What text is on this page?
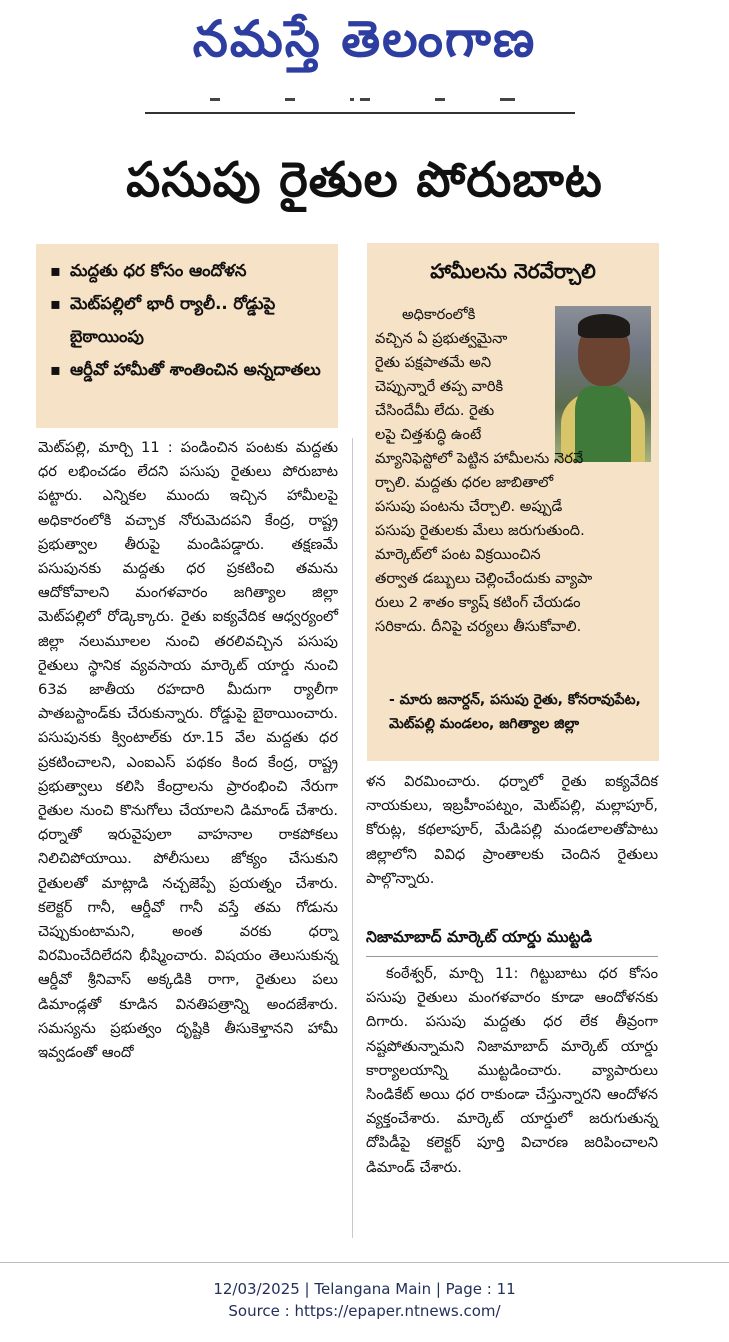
నమస్తే తెలంగాణ
పసుపు రైతుల పోరుబాట
▪ మద్దతు ధర కోసం ఆందోళన
▪ మెట్‌పల్లిలో భారీ ర్యాలీ.. రోడ్డుపై బైఠాయింపు
▪ ఆర్డీవో హామీతో శాంతించిన అన్నదాతలు
మెట్‌పల్లి, మార్చి 11 : పండించిన పంటకు మద్దతు ధర లభించడం లేదని పసుపు రైతులు పోరుబాట పట్టారు. ఎన్నికల ముందు ఇచ్చిన హామీలపై అధికారంలోకి వచ్చాక నోరుమెదపని కేంద్ర, రాష్ట్ర ప్రభుత్వాల తీరుపై మండిపడ్డారు. తక్షణమే పసుపునకు మద్దతు ధర ప్రకటించి తమను ఆదోకోవాలని మంగళవారం జగిత్యాల జిల్లా మెట్‌పల్లిలో రోడ్కెక్కారు. రైతు ఐక్యవేదిక ఆధ్వర్యంలో జిల్లా నలుమూలల నుంచి తరలివచ్చిన పసుపు రైతులు స్థానిక వ్యవసాయ మార్కెట్ యార్డు నుంచి 63వ జాతీయ రహదారి మీదుగా ర్యాలీగా పాతబస్టాండ్‌కు చేరుకున్నారు. రోడ్డుపై బైఠాయించారు. పసుపునకు క్వింటాల్‌కు రూ.15 వేల మద్దతు ధర ప్రకటించాలని, ఎంఐఎస్ పథకం కింద కేంద్ర, రాష్ట్ర ప్రభుత్వాలు కలిసి కేంద్రాలను ప్రారంభించి నేరుగా రైతుల నుంచి కొనుగోలు చేయాలని డిమాండ్ చేశారు. ధర్నాతో ఇరువైపులా వాహనాల రాకపోకలు నిలిచిపోయాయి. పోలీసులు జోక్యం చేసుకుని రైతులతో మాట్లాడి నచ్చజెప్పే ప్రయత్నం చేశారు. కలెక్టర్ గానీ, ఆర్డీవో గానీ వస్తే తమ గోడును చెప్పుకుంటామని, అంత వరకు ధర్నా విరమించేదిలేదని భీష్మించారు. విషయం తెలుసుకున్న ఆర్డీవో శ్రీనివాస్ అక్కడికి రాగా, రైతులు పలు డిమాండ్లతో కూడిన వినతిపత్రాన్ని అందజేశారు. సమస్యను ప్రభుత్వం దృష్టికి తీసుకెళ్తానని హామీ ఇవ్వడంతో ఆందో
హామీలను నెరవేర్చాలి
అధికారంలోకి
వచ్చిన ఏ ప్రభుత్వమైనా
రైతు పక్షపాతమే అని
చెప్పున్నారే తప్ప వారికి
చేసిందేమీ లేదు. రైతు
లపై చిత్తశుద్ధి ఉంటే
మ్యానిఫెస్టోలో పెట్టిన హామీలను నెరవే
ర్చాలి. మద్దతు ధరల జాబితాలో
పసుపు పంటను చేర్చాలి. అప్పుడే
పసుపు రైతులకు మేలు జరుగుతుంది.
మార్కెట్‌లో పంట విక్రయించిన
తర్వాత డబ్బులు చెల్లించేందుకు వ్యాపా
రులు 2 శాతం క్యాష్ కటింగ్ చేయడం
సరికాదు. దీనిపై చర్యలు తీసుకోవాలి.
- మారు జనార్దన్, పసుపు రైతు, కోనరావుపేట, మెట్‌పల్లి మండలం, జగిత్యాల జిల్లా
ళన విరమించారు. ధర్నాలో రైతు ఐక్యవేదిక నాయకులు, ఇబ్రహీంపట్నం, మెట్‌పల్లి, మల్లాపూర్, కోరుట్ల, కథలాపూర్, మేడిపల్లి మండలాలతోపాటు జిల్లాలోని వివిధ ప్రాంతాలకు చెందిన రైతులు పాల్గొన్నారు.
నిజామాబాద్ మార్కెట్ యార్డు ముట్టడి
కంఠేశ్వర్, మార్చి 11: గిట్టుబాటు ధర కోసం పసుపు రైతులు మంగళవారం కూడా ఆందోళనకు దిగారు. పసుపు మద్దతు ధర లేక తీవ్రంగా నష్టపోతున్నామని నిజామాబాద్ మార్కెట్ యార్డు కార్యాలయాన్ని ముట్టడించారు. వ్యాపారులు సిండికేట్ అయి ధర రాకుండా చేస్తున్నారని ఆందోళన వ్యక్తంచేశారు. మార్కెట్ యార్డులో జరుగుతున్న దోపిడీపై కలెక్టర్ పూర్తి విచారణ జరిపించాలని డిమాండ్ చేశారు.
12/03/2025 | Telangana Main | Page : 11
Source : https://epaper.ntnews.com/
